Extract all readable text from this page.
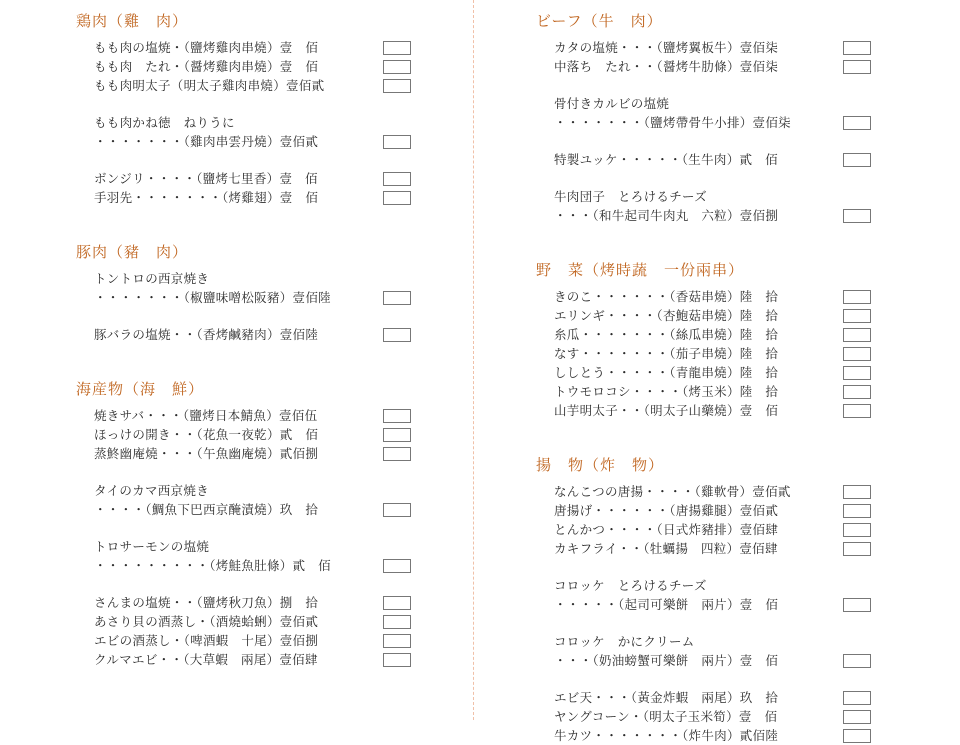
鶏肉（雞　肉）
もも肉の塩焼・（鹽烤雞肉串燒）壹　佰
もも肉　たれ・（醤烤雞肉串燒）壹　佰
もも肉明太子（明太子雞肉串燒）壹佰貳
もも肉かね徳　ねりうに
・・・・・・・（雞肉串雲丹燒）壹佰貳
ボンジリ・・・・（鹽烤七里香）壹　佰
手羽先・・・・・・・（烤雞翅）壹　佰
豚肉（豬　肉）
トントロの西京焼き
・・・・・・・（椒鹽味噌松阪豬）壹佰陸
豚バラの塩焼・・（香烤鹹豬肉）壹佰陸
海産物（海　鮮）
焼きサバ・・・（鹽烤日本鯖魚）壹佰伍
ほっけの開き・・（花魚一夜乾）貳　佰
蒸鮗幽庵燒・・・（午魚幽庵燒）貳佰捌
タイのカマ西京焼き
・・・・（鯛魚下巴西京醃漬燒）玖　拾
トロサーモンの塩焼
・・・・・・・・・（烤鮭魚肚條）貳　佰
さんまの塩焼・・（鹽烤秋刀魚）捌　拾
あさり貝の酒蒸し・（酒燒蛤蜊）壹佰貳
エビの酒蒸し・（啤酒蝦　十尾）壹佰捌
クルマエビ・・（大草蝦　兩尾）壹佰肆
ビーフ（牛　肉）
カタの塩焼・・・（鹽烤翼板牛）壹佰柒
中落ち　たれ・・（醤烤牛肋條）壹佰柒
骨付きカルビの塩焼
・・・・・・・（鹽烤帶骨牛小排）壹佰柒
特製ユッケ・・・・・（生牛肉）貳　佰
牛肉団子　とろけるチーズ
・・・（和牛起司牛肉丸　六粒）壹佰捌
野　菜（烤時蔬　一份兩串）
きのこ・・・・・・（香菇串燒）陸　拾
エリンギ・・・・（杏鮑菇串燒）陸　拾
糸瓜・・・・・・・（絲瓜串燒）陸　拾
なす・・・・・・・（茄子串燒）陸　拾
ししとう・・・・・（青龍串燒）陸　拾
トウモロコシ・・・・（烤玉米）陸　拾
山芋明太子・・（明太子山藥燒）壹　佰
揚　物（炸　物）
なんこつの唐揚・・・・（雞軟骨）壹佰貳
唐揚げ・・・・・・（唐揚雞腿）壹佰貳
とんかつ・・・・（日式炸豬排）壹佰肆
カキフライ・・（牡蠣揚　四粒）壹佰肆
コロッケ　とろけるチーズ
・・・・・（起司可樂餅　兩片）壹　佰
コロッケ　かにクリーム
・・・（奶油螃蟹可樂餅　兩片）壹　佰
エビ天・・・（黃金炸蝦　兩尾）玖　拾
ヤングコーン・（明太子玉米筍）壹　佰
牛カツ・・・・・・・（炸牛肉）貳佰陸
